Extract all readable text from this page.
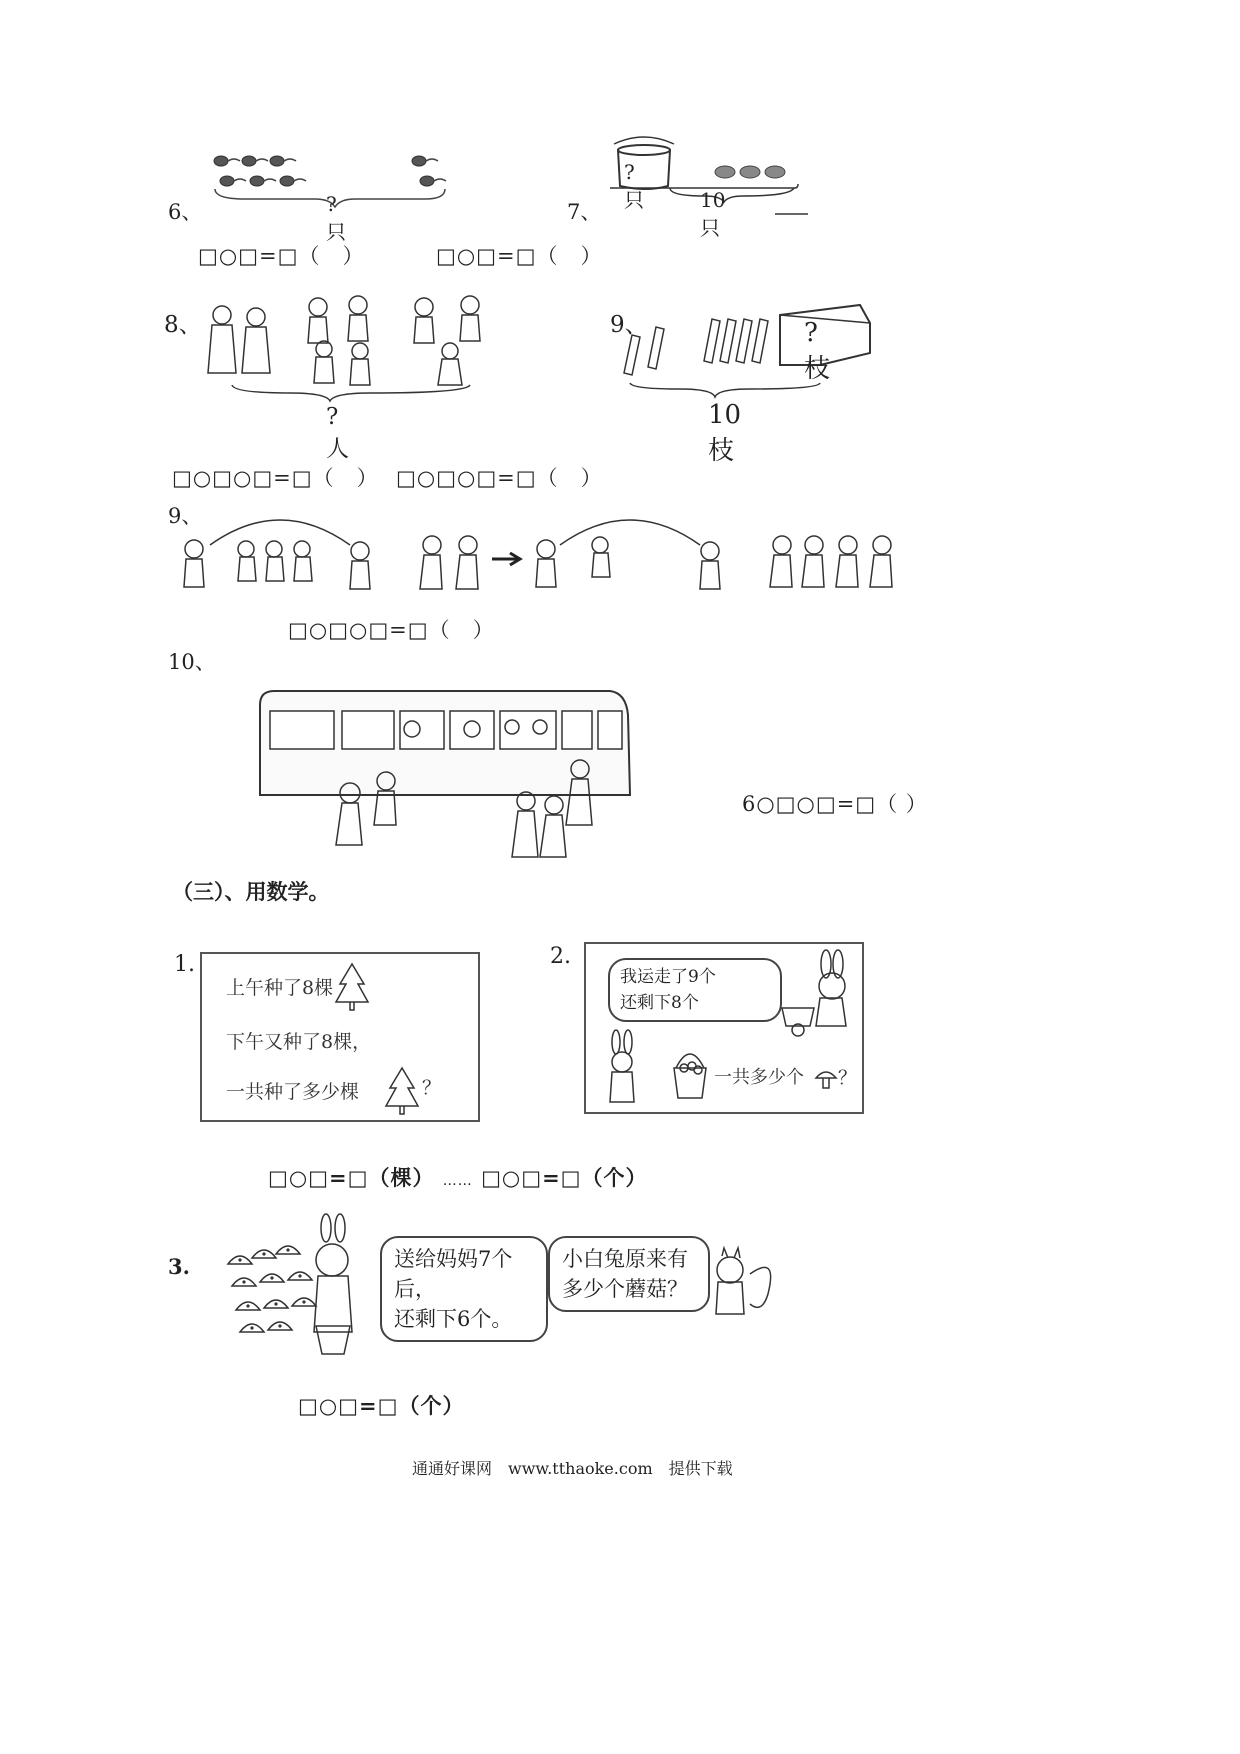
6、	?只
□○□=□（　）
?只
7、	10只
□○□=□（　）
8、
?人
□○□○□=□（　）
9、	?枝
10枝
□○□○□=□（　）
9、
□○□○□=□（　）
10、
6○□○□=□（ ）
（三）、用数学。
1.
上午种了8棵
下午又种了8棵，
一共种了多少棵	？
2.
我运走了9个
还剩下8个
一共多少个 ？
□○□=□（棵） …… □○□=□（个）
3.	送给妈妈7个后，
还剩下6个。
小白兔原来有
多少个蘑菇？
□○□=□（个）
通通好课网　www.tthaoke.com　提供下载
